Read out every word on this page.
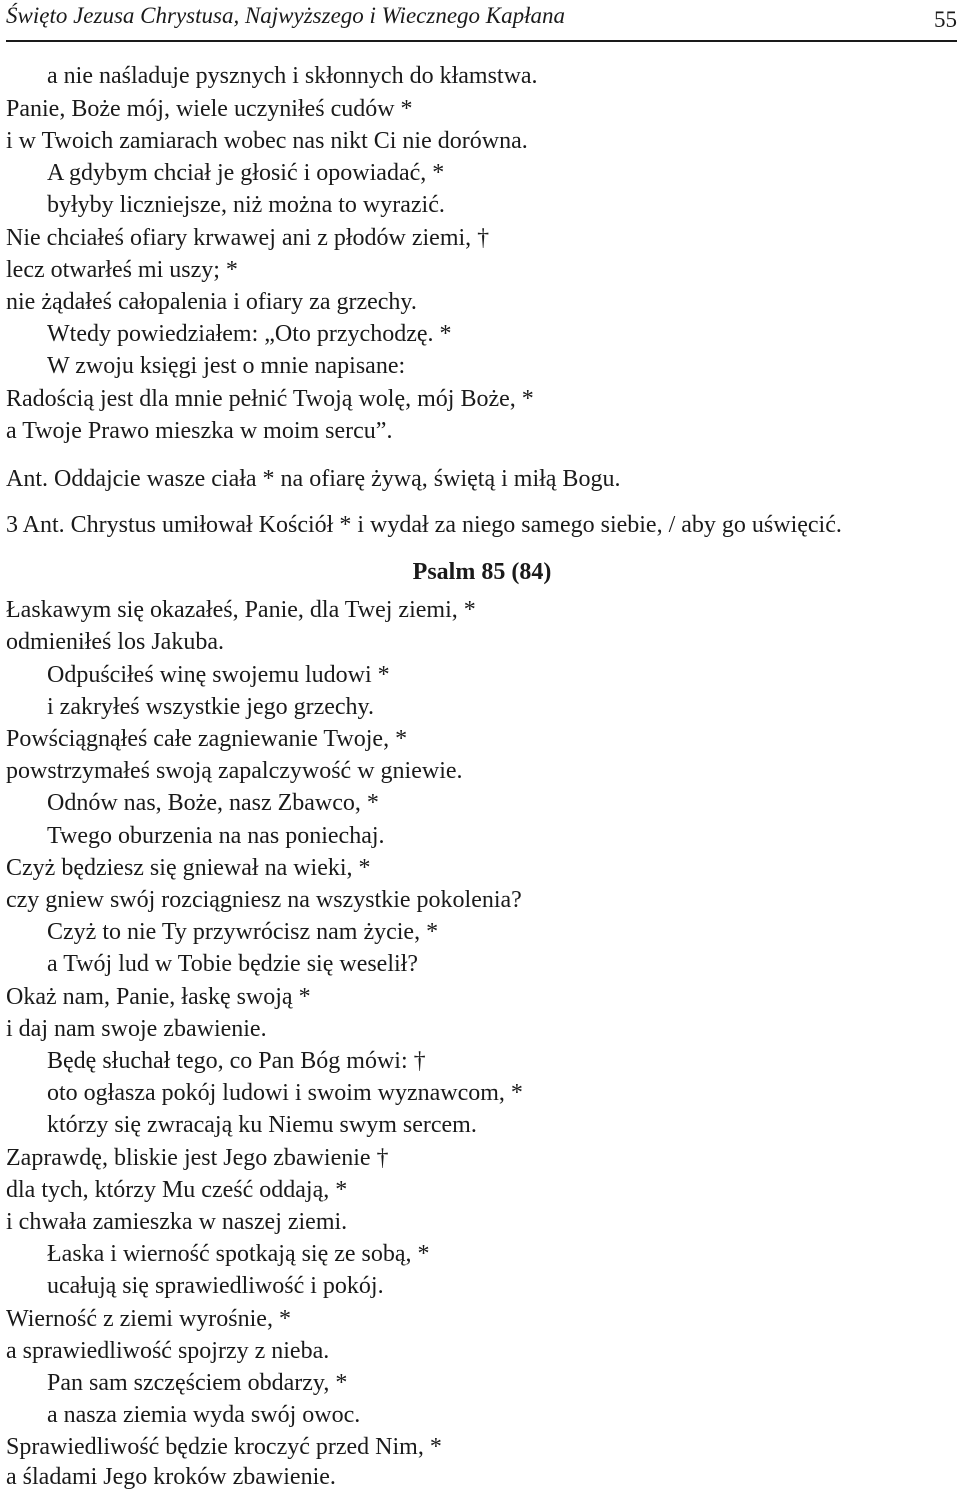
Święto Jezusa Chrystusa, Najwyższego i Wiecznego Kapłana	55
a nie naśladuje pysznych i skłonnych do kłamstwa.
Panie, Boże mój, wiele uczyniłeś cudów *
i w Twoich zamiarach wobec nas nikt Ci nie dorówna.
A gdybym chciał je głosić i opowiadać, *
byłyby liczniejsze, niż można to wyrazić.
Nie chciałeś ofiary krwawej ani z płodów ziemi, †
lecz otwarłeś mi uszy; *
nie żądałeś całopalenia i ofiary za grzechy.
Wtedy powiedziałem: „Oto przychodzę. *
W zwoju księgi jest o mnie napisane:
Radością jest dla mnie pełnić Twoją wolę, mój Boże, *
a Twoje Prawo mieszka w moim sercu”.
Ant. Oddajcie wasze ciała * na ofiarę żywą, świętą i miłą Bogu.
3 Ant. Chrystus umiłował Kościół * i wydał za niego samego siebie, / aby go uświęcić.
Psalm 85 (84)
Łaskawym się okazałeś, Panie, dla Twej ziemi, *
odmieniłeś los Jakuba.
Odpuściłeś winę swojemu ludowi *
i zakryłeś wszystkie jego grzechy.
Powściągnąłeś całe zagniewanie Twoje, *
powstrzymałeś swoją zapalczywość w gniewie.
Odnów nas, Boże, nasz Zbawco, *
Twego oburzenia na nas poniechaj.
Czyż będziesz się gniewał na wieki, *
czy gniew swój rozciągniesz na wszystkie pokolenia?
Czyż to nie Ty przywrócisz nam życie, *
a Twój lud w Tobie będzie się weselił?
Okaż nam, Panie, łaskę swoją *
i daj nam swoje zbawienie.
Będę słuchał tego, co Pan Bóg mówi: †
oto ogłasza pokój ludowi i swoim wyznawcom, *
którzy się zwracają ku Niemu swym sercem.
Zaprawdę, bliskie jest Jego zbawienie †
dla tych, którzy Mu cześć oddają, *
i chwała zamieszka w naszej ziemi.
Łaska i wierność spotkają się ze sobą, *
ucałują się sprawiedliwość i pokój.
Wierność z ziemi wyrośnie, *
a sprawiedliwość spojrzy z nieba.
Pan sam szczęściem obdarzy, *
a nasza ziemia wyda swój owoc.
Sprawiedliwość będzie kroczyć przed Nim, *
a śladami Jego kroków zbawienie.
